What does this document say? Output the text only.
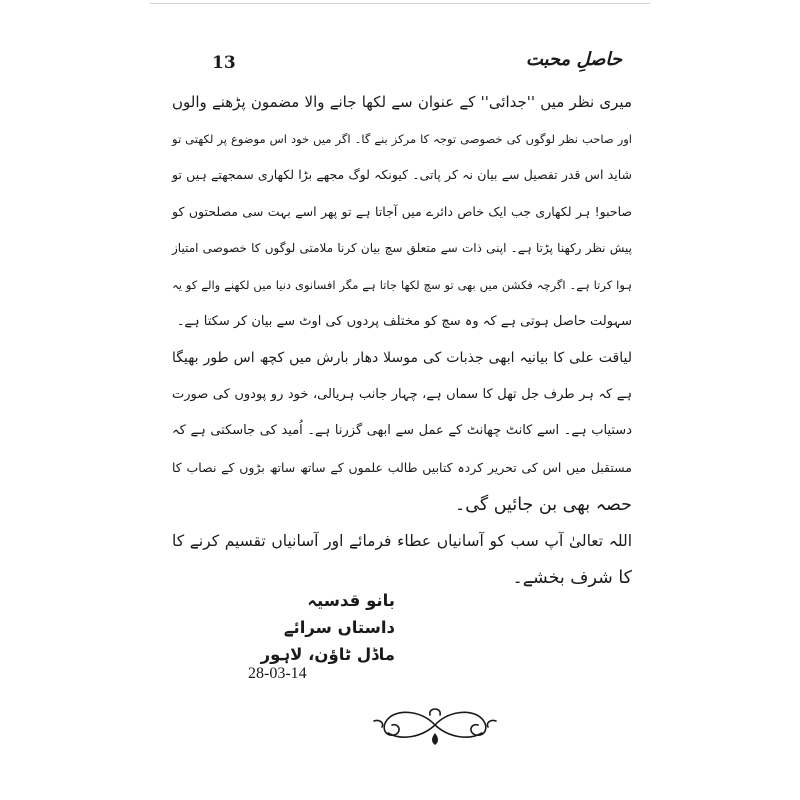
13	حاصلِ محبت
میری نظر میں ''جدائی'' کے عنوان سے لکھا جانے والا مضمون پڑھنے والوں
اور صاحب نظر لوگوں کی خصوصی توجہ کا مرکز بنے گا۔ اگر میں خود اس موضوع پر لکھتی تو
شاید اس قدر تفصیل سے بیان نہ کر پاتی۔ کیونکہ لوگ مجھے بڑا لکھاری سمجھتے ہیں تو
صاحبو! ہر لکھاری جب ایک خاص دائرے میں آجاتا ہے تو پھر اسے بہت سی مصلحتوں کو
پیش نظر رکھنا پڑتا ہے۔ اپنی ذات سے متعلق سچ بیان کرنا ملامتی لوگوں کا خصوصی امتیاز
ہوا کرتا ہے۔ اگرچہ فکشن میں بھی تو سچ لکھا جاتا ہے مگر افسانوی دنیا میں لکھنے والے کو یہ
سہولت حاصل ہوتی ہے کہ وہ سچ کو مختلف پردوں کی اوٹ سے بیان کر سکتا ہے۔
لیاقت علی کا بیانیہ ابھی جذبات کی موسلا دھار بارش میں کچھ اس طور بھیگا
ہے کہ ہر طرف جل تھل کا سماں ہے، چہار جانب ہریالی، خود رو پودوں کی صورت
دستیاب ہے۔ اسے کانٹ چھانٹ کے عمل سے ابھی گزرنا ہے۔ اُمید کی جاسکتی ہے کہ
مستقبل میں اس کی تحریر کردہ کتابیں طالب علموں کے ساتھ ساتھ بڑوں کے نصاب کا
حصہ بھی بن جائیں گی۔
اللہ تعالیٰ آپ سب کو آسانیاں عطاء فرمائے اور آسانیاں تقسیم کرنے کا
کا شرف بخشے۔
بانو قدسیہ
داستاں سرائے
ماڈل ٹاؤن، لاہور
28-03-14
